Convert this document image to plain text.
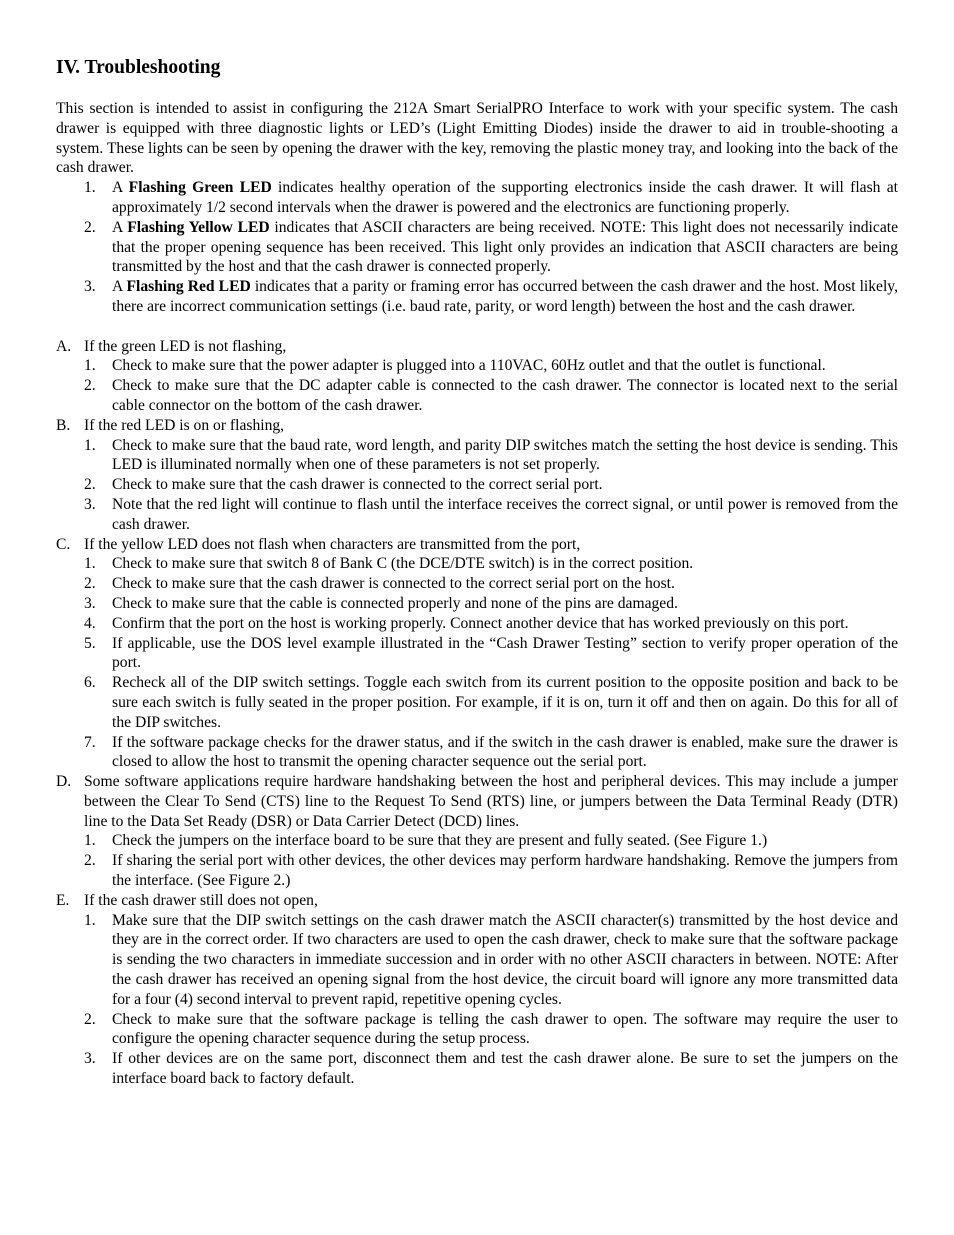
IV. Troubleshooting

This section is intended to assist in configuring the 212A Smart SerialPRO Interface to work with your specific system. The cash drawer is equipped with three diagnostic lights or LED’s (Light Emitting Diodes) inside the drawer to aid in trouble-shooting a system. These lights can be seen by opening the drawer with the key, removing the plastic money tray, and looking into the back of the cash drawer.

1.	A Flashing Green LED indicates healthy operation of the supporting electronics inside the cash drawer. It will flash at approximately 1/2 second intervals when the drawer is powered and the electronics are functioning properly.
2.	A Flashing Yellow LED indicates that ASCII characters are being received. NOTE: This light does not necessarily indicate that the proper opening sequence has been received. This light only provides an indication that ASCII characters are being transmitted by the host and that the cash drawer is connected properly.
3.	A Flashing Red LED indicates that a parity or framing error has occurred between the cash drawer and the host. Most likely, there are incorrect communication settings (i.e. baud rate, parity, or word length) between the host and the cash drawer.
A. If the green LED is not flashing,
1.	Check to make sure that the power adapter is plugged into a 110VAC, 60Hz outlet and that the outlet is functional.
2.	Check to make sure that the DC adapter cable is connected to the cash drawer. The connector is located next to the serial cable connector on the bottom of the cash drawer.
B. If the red LED is on or flashing,
1.	Check to make sure that the baud rate, word length, and parity DIP switches match the setting the host device is sending. This LED is illuminated normally when one of these parameters is not set properly.
2.	Check to make sure that the cash drawer is connected to the correct serial port.
3.	Note that the red light will continue to flash until the interface receives the correct signal, or until power is removed from the cash drawer.
C. If the yellow LED does not flash when characters are transmitted from the port,
1.	Check to make sure that switch 8 of Bank C (the DCE/DTE switch) is in the correct position.
2.	Check to make sure that the cash drawer is connected to the correct serial port on the host.
3.	Check to make sure that the cable is connected properly and none of the pins are damaged.
4.	Confirm that the port on the host is working properly. Connect another device that has worked previously on this port.
5.	If applicable, use the DOS level example illustrated in the “Cash Drawer Testing” section to verify proper operation of the port.
6.	Recheck all of the DIP switch settings. Toggle each switch from its current position to the opposite position and back to be sure each switch is fully seated in the proper position. For example, if it is on, turn it off and then on again. Do this for all of the DIP switches.
7.	If the software package checks for the drawer status, and if the switch in the cash drawer is enabled, make sure the drawer is closed to allow the host to transmit the opening character sequence out the serial port.
D. Some software applications require hardware handshaking between the host and peripheral devices. This may include a jumper between the Clear To Send (CTS) line to the Request To Send (RTS) line, or jumpers between the Data Terminal Ready (DTR) line to the Data Set Ready (DSR) or Data Carrier Detect (DCD) lines.
1.	Check the jumpers on the interface board to be sure that they are present and fully seated. (See Figure 1.)
2.	If sharing the serial port with other devices, the other devices may perform hardware handshaking. Remove the jumpers from the interface. (See Figure 2.)
E. If the cash drawer still does not open,
1.	Make sure that the DIP switch settings on the cash drawer match the ASCII character(s) transmitted by the host device and they are in the correct order. If two characters are used to open the cash drawer, check to make sure that the software package is sending the two characters in immediate succession and in order with no other ASCII characters in between. NOTE: After the cash drawer has received an opening signal from the host device, the circuit board will ignore any more transmitted data for a four (4) second interval to prevent rapid, repetitive opening cycles.
2.	Check to make sure that the software package is telling the cash drawer to open. The software may require the user to configure the opening character sequence during the setup process.
3.	If other devices are on the same port, disconnect them and test the cash drawer alone. Be sure to set the jumpers on the interface board back to factory default.
